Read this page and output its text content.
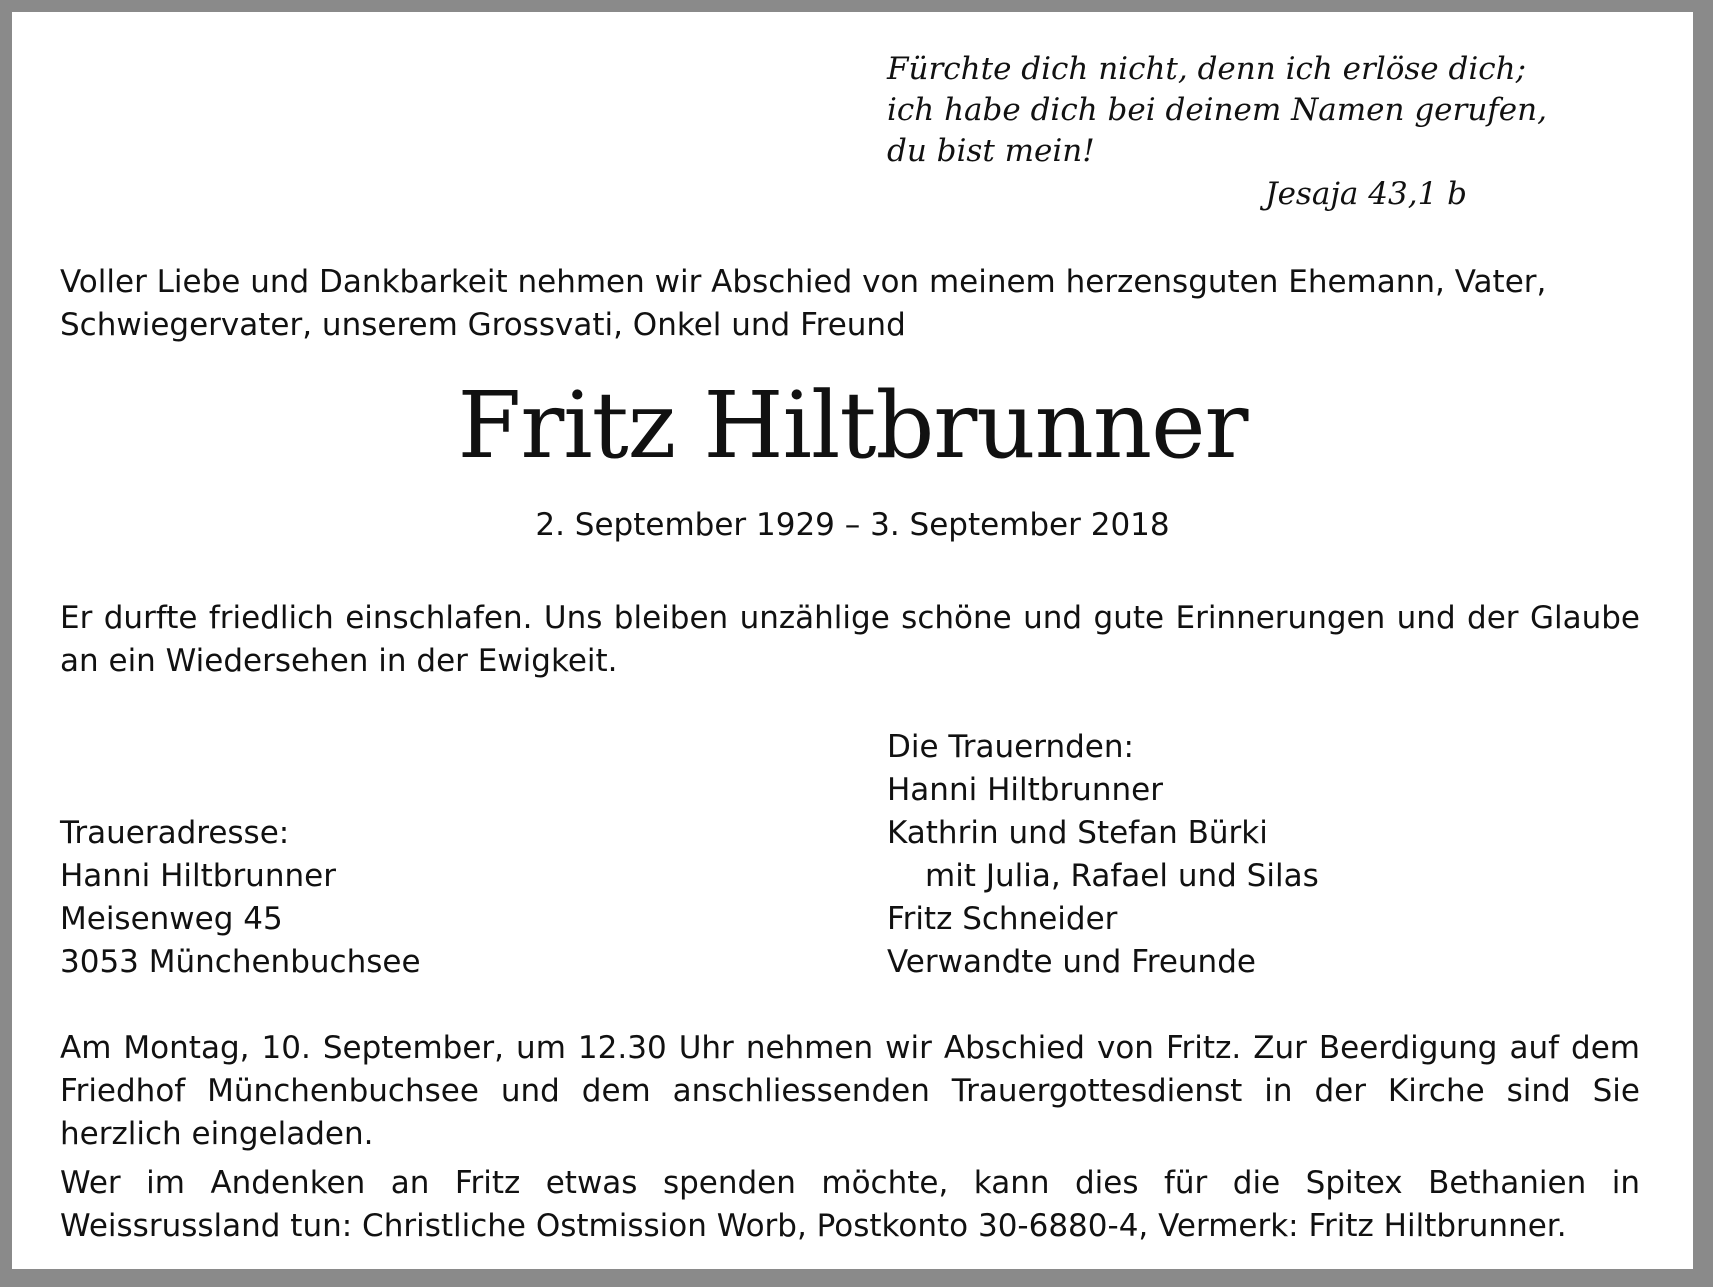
Fürchte dich nicht, denn ich erlöse dich;
ich habe dich bei deinem Namen gerufen,
du bist mein!
Jesaja 43,1 b
Voller Liebe und Dankbarkeit nehmen wir Abschied von meinem herzensguten Ehemann, Vater, Schwiegervater, unserem Grossvati, Onkel und Freund
Fritz Hiltbrunner
2. September 1929 – 3. September 2018
Er durfte friedlich einschlafen. Uns bleiben unzählige schöne und gute Erinnerungen und der Glaube an ein Wiedersehen in der Ewigkeit.
Traueradresse:
Hanni Hiltbrunner
Meisenweg 45
3053 Münchenbuchsee
Die Trauernden:
Hanni Hiltbrunner
Kathrin und Stefan Bürki
mit Julia, Rafael und Silas
Fritz Schneider
Verwandte und Freunde
Am Montag, 10. September, um 12.30 Uhr nehmen wir Abschied von Fritz. Zur Beerdigung auf dem Friedhof Münchenbuchsee und dem anschliessenden Trauergottesdienst in der Kirche sind Sie herzlich eingeladen.
Wer im Andenken an Fritz etwas spenden möchte, kann dies für die Spitex Bethanien in Weissrussland tun: Christliche Ostmission Worb, Postkonto 30-6880-4, Vermerk: Fritz Hiltbrunner.
